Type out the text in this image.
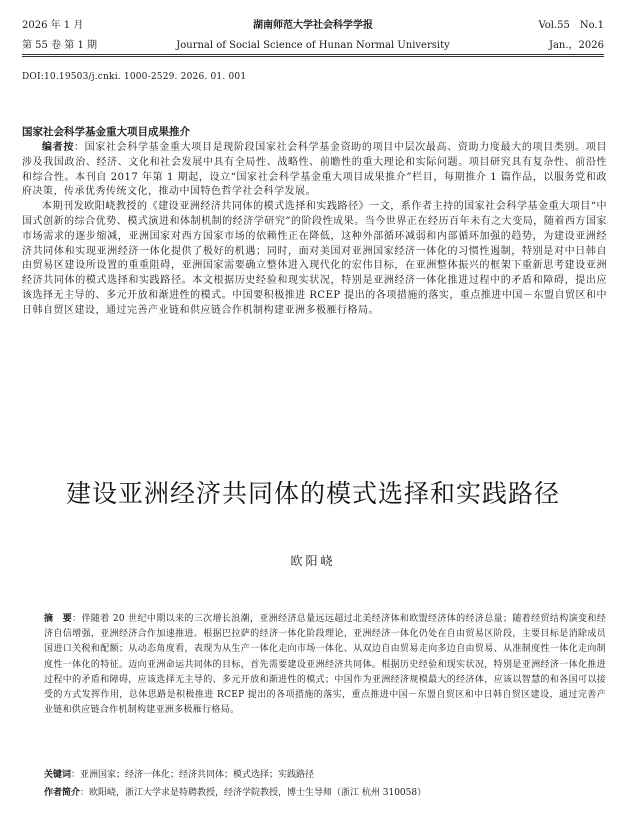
2026 年 1 月	湖南师范大学社会科学学报	Vol.55　No.1
第 55 卷 第 1 期	Journal of Social Science of Hunan Normal University	Jan.，2026
DOI:10.19503/j.cnki. 1000-2529. 2026. 01. 001
国家社会科学基金重大项目成果推介

编者按：国家社会科学基金重大项目是现阶段国家社会科学基金资助的项目中层次最高、资助力度最大的项目类别。项目涉及我国政治、经济、文化和社会发展中具有全局性、战略性、前瞻性的重大理论和实际问题。项目研究具有复杂性、前沿性和综合性。本刊自 2017 年第 1 期起，设立“国家社会科学基金重大项目成果推介”栏目，每期推介 1 篇作品，以服务党和政府决策，传承优秀传统文化，推动中国特色哲学社会科学发展。

本期刊发欧阳峣教授的《建设亚洲经济共同体的模式选择和实践路径》一文，系作者主持的国家社会科学基金重大项目“中国式创新的综合优势、模式演进和体制机制的经济学研究”的阶段性成果。当今世界正在经历百年未有之大变局，随着西方国家市场需求的逐步缩减，亚洲国家对西方国家市场的依赖性正在降低，这种外部循环减弱和内部循环加强的趋势，为建设亚洲经济共同体和实现亚洲经济一体化提供了极好的机遇；同时，面对美国对亚洲国家经济一体化的习惯性遏制，特别是对中日韩自由贸易区建设所设置的重重阻碍，亚洲国家需要确立整体进入现代化的宏伟目标，在亚洲整体振兴的框架下重新思考建设亚洲经济共同体的模式选择和实践路径。本文根据历史经验和现实状况，特别是亚洲经济一体化推进过程中的矛盾和障碍，提出应该选择无主导的、多元开放和渐进性的模式。中国要积极推进 RCEP 提出的各项措施的落实，重点推进中国－东盟自贸区和中日韩自贸区建设，通过完善产业链和供应链合作机制构建亚洲多极雁行格局。

建设亚洲经济共同体的模式选择和实践路径
欧阳峣
摘　要：伴随着 20 世纪中期以来的三次增长浪潮，亚洲经济总量远远超过北美经济体和欧盟经济体的经济总量；随着经贸结构演变和经济自信增强，亚洲经济合作加速推进。根据巴拉萨的经济一体化阶段理论，亚洲经济一体化仍处在自由贸易区阶段，主要目标是消除成员国进口关税和配额；从动态角度看，表现为从生产一体化走向市场一体化、从双边自由贸易走向多边自由贸易、从准制度性一体化走向制度性一体化的特征。迈向亚洲命运共同体的目标，首先需要建设亚洲经济共同体。根据历史经验和现实状况，特别是亚洲经济一体化推进过程中的矛盾和障碍，应该选择无主导的、多元开放和渐进性的模式；中国作为亚洲经济规模最大的经济体，应该以智慧的和各国可以接受的方式发挥作用，总体思路是积极推进 RCEP 提出的各项措施的落实，重点推进中国－东盟自贸区和中日韩自贸区建设，通过完善产业链和供应链合作机制构建亚洲多极雁行格局。
关键词：亚洲国家；经济一体化；经济共同体；模式选择；实践路径
作者简介：欧阳峣，浙江大学求是特聘教授，经济学院教授，博士生导师（浙江 杭州 310058）
